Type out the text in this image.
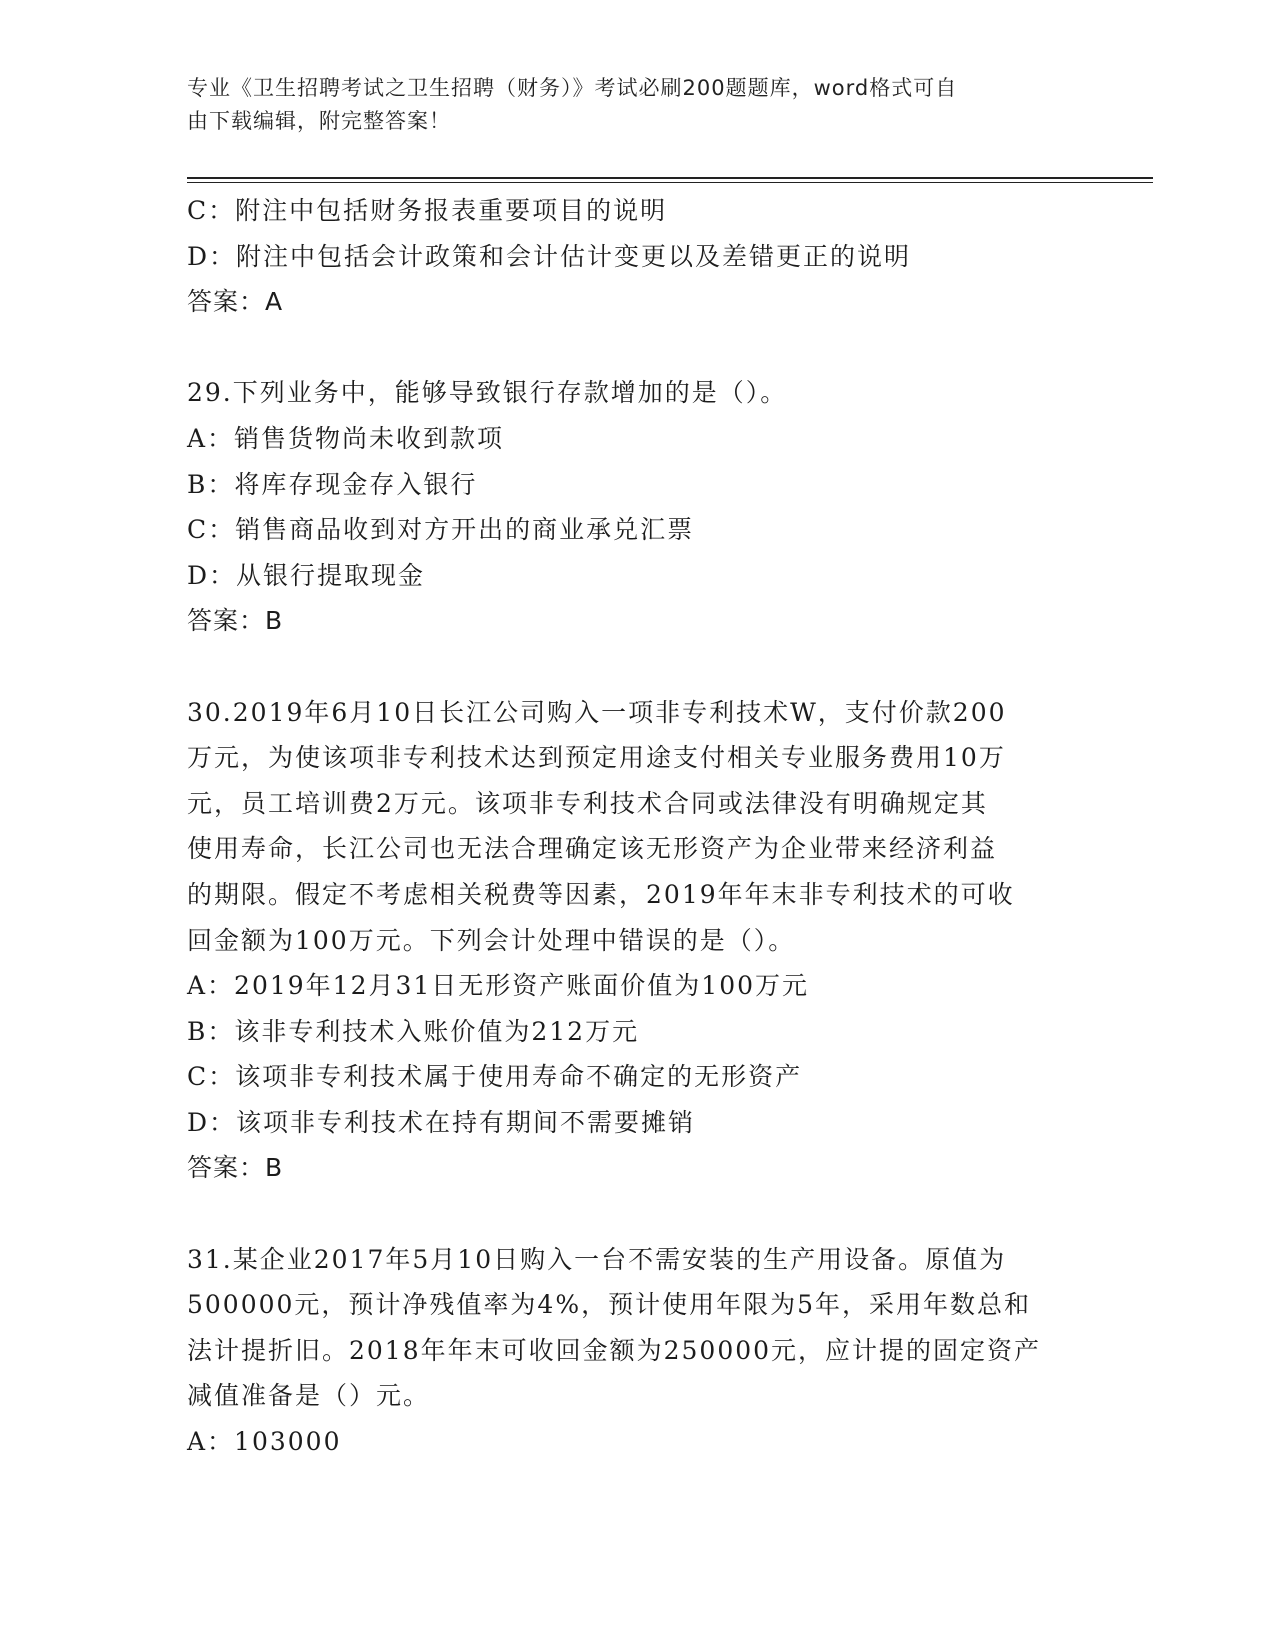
专业《卫生招聘考试之卫生招聘（财务）》考试必刷200题题库，word格式可自
由下载编辑，附完整答案！
C：附注中包括财务报表重要项目的说明
D：附注中包括会计政策和会计估计变更以及差错更正的说明
答案：A
29.下列业务中，能够导致银行存款增加的是（）。
A：销售货物尚未收到款项
B：将库存现金存入银行
C：销售商品收到对方开出的商业承兑汇票
D：从银行提取现金
答案：B
30.2019年6月10日长江公司购入一项非专利技术W，支付价款200
万元，为使该项非专利技术达到预定用途支付相关专业服务费用10万
元，员工培训费2万元。该项非专利技术合同或法律没有明确规定其
使用寿命，长江公司也无法合理确定该无形资产为企业带来经济利益
的期限。假定不考虑相关税费等因素，2019年年末非专利技术的可收
回金额为100万元。下列会计处理中错误的是（）。
A：2019年12月31日无形资产账面价值为100万元
B：该非专利技术入账价值为212万元
C：该项非专利技术属于使用寿命不确定的无形资产
D：该项非专利技术在持有期间不需要摊销
答案：B
31.某企业2017年5月10日购入一台不需安装的生产用设备。原值为
500000元，预计净残值率为4%，预计使用年限为5年，采用年数总和
法计提折旧。2018年年末可收回金额为250000元，应计提的固定资产
减值准备是（）元。
A：103000
